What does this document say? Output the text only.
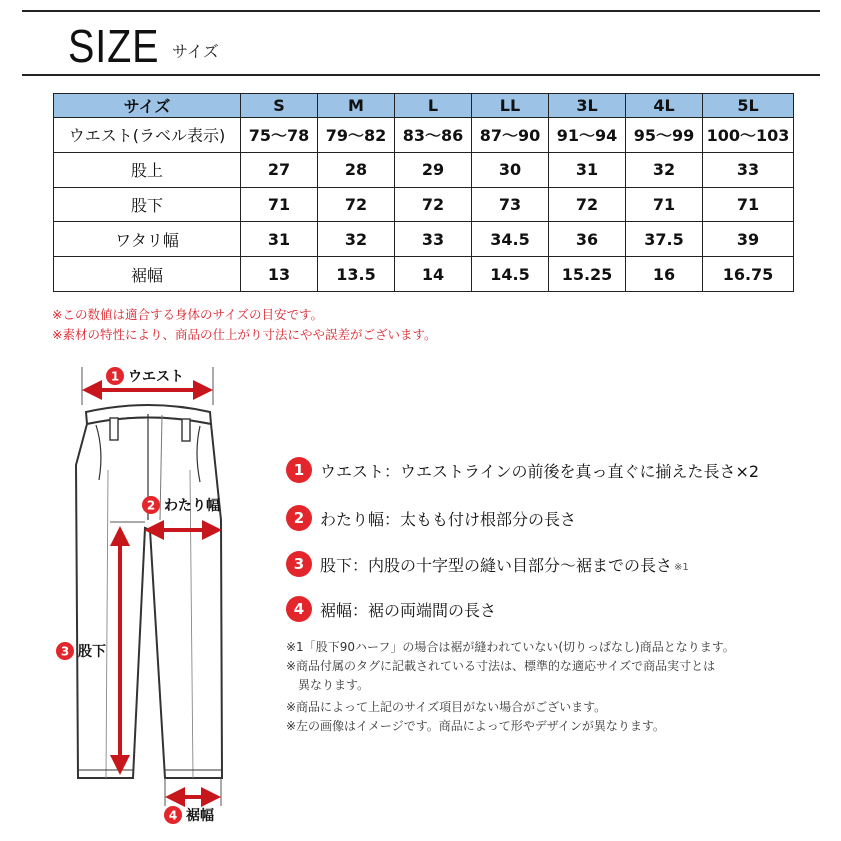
SIZE サイズ
サイズ	S	M	L	LL	3L	4L	5L
ウエスト(ラベル表示)	75〜78	79〜82	83〜86	87〜90	91〜94	95〜99	100〜103
股上	27	28	29	30	31	32	33
股下	71	72	72	73	72	71	71
ワタリ幅	31	32	33	34.5	36	37.5	39
裾幅	13	13.5	14	14.5	15.25	16	16.75
※この数値は適合する身体のサイズの目安です。
※素材の特性により、商品の仕上がり寸法にやや誤差がございます。
1 ウエスト
2 わたり幅
3 股下
4 裾幅
1 ウエスト：ウエストラインの前後を真っ直ぐに揃えた長さ×2
2 わたり幅：太もも付け根部分の長さ
3 股下：内股の十字型の縫い目部分〜裾までの長さ ※1
4 裾幅：裾の両端間の長さ
※1「股下90ハーフ」の場合は裾が縫われていない(切りっぱなし)商品となります。
※商品付属のタグに記載されている寸法は、標準的な適応サイズで商品実寸とは
　異なります。
※商品によって上記のサイズ項目がない場合がございます。
※左の画像はイメージです。商品によって形やデザインが異なります。
